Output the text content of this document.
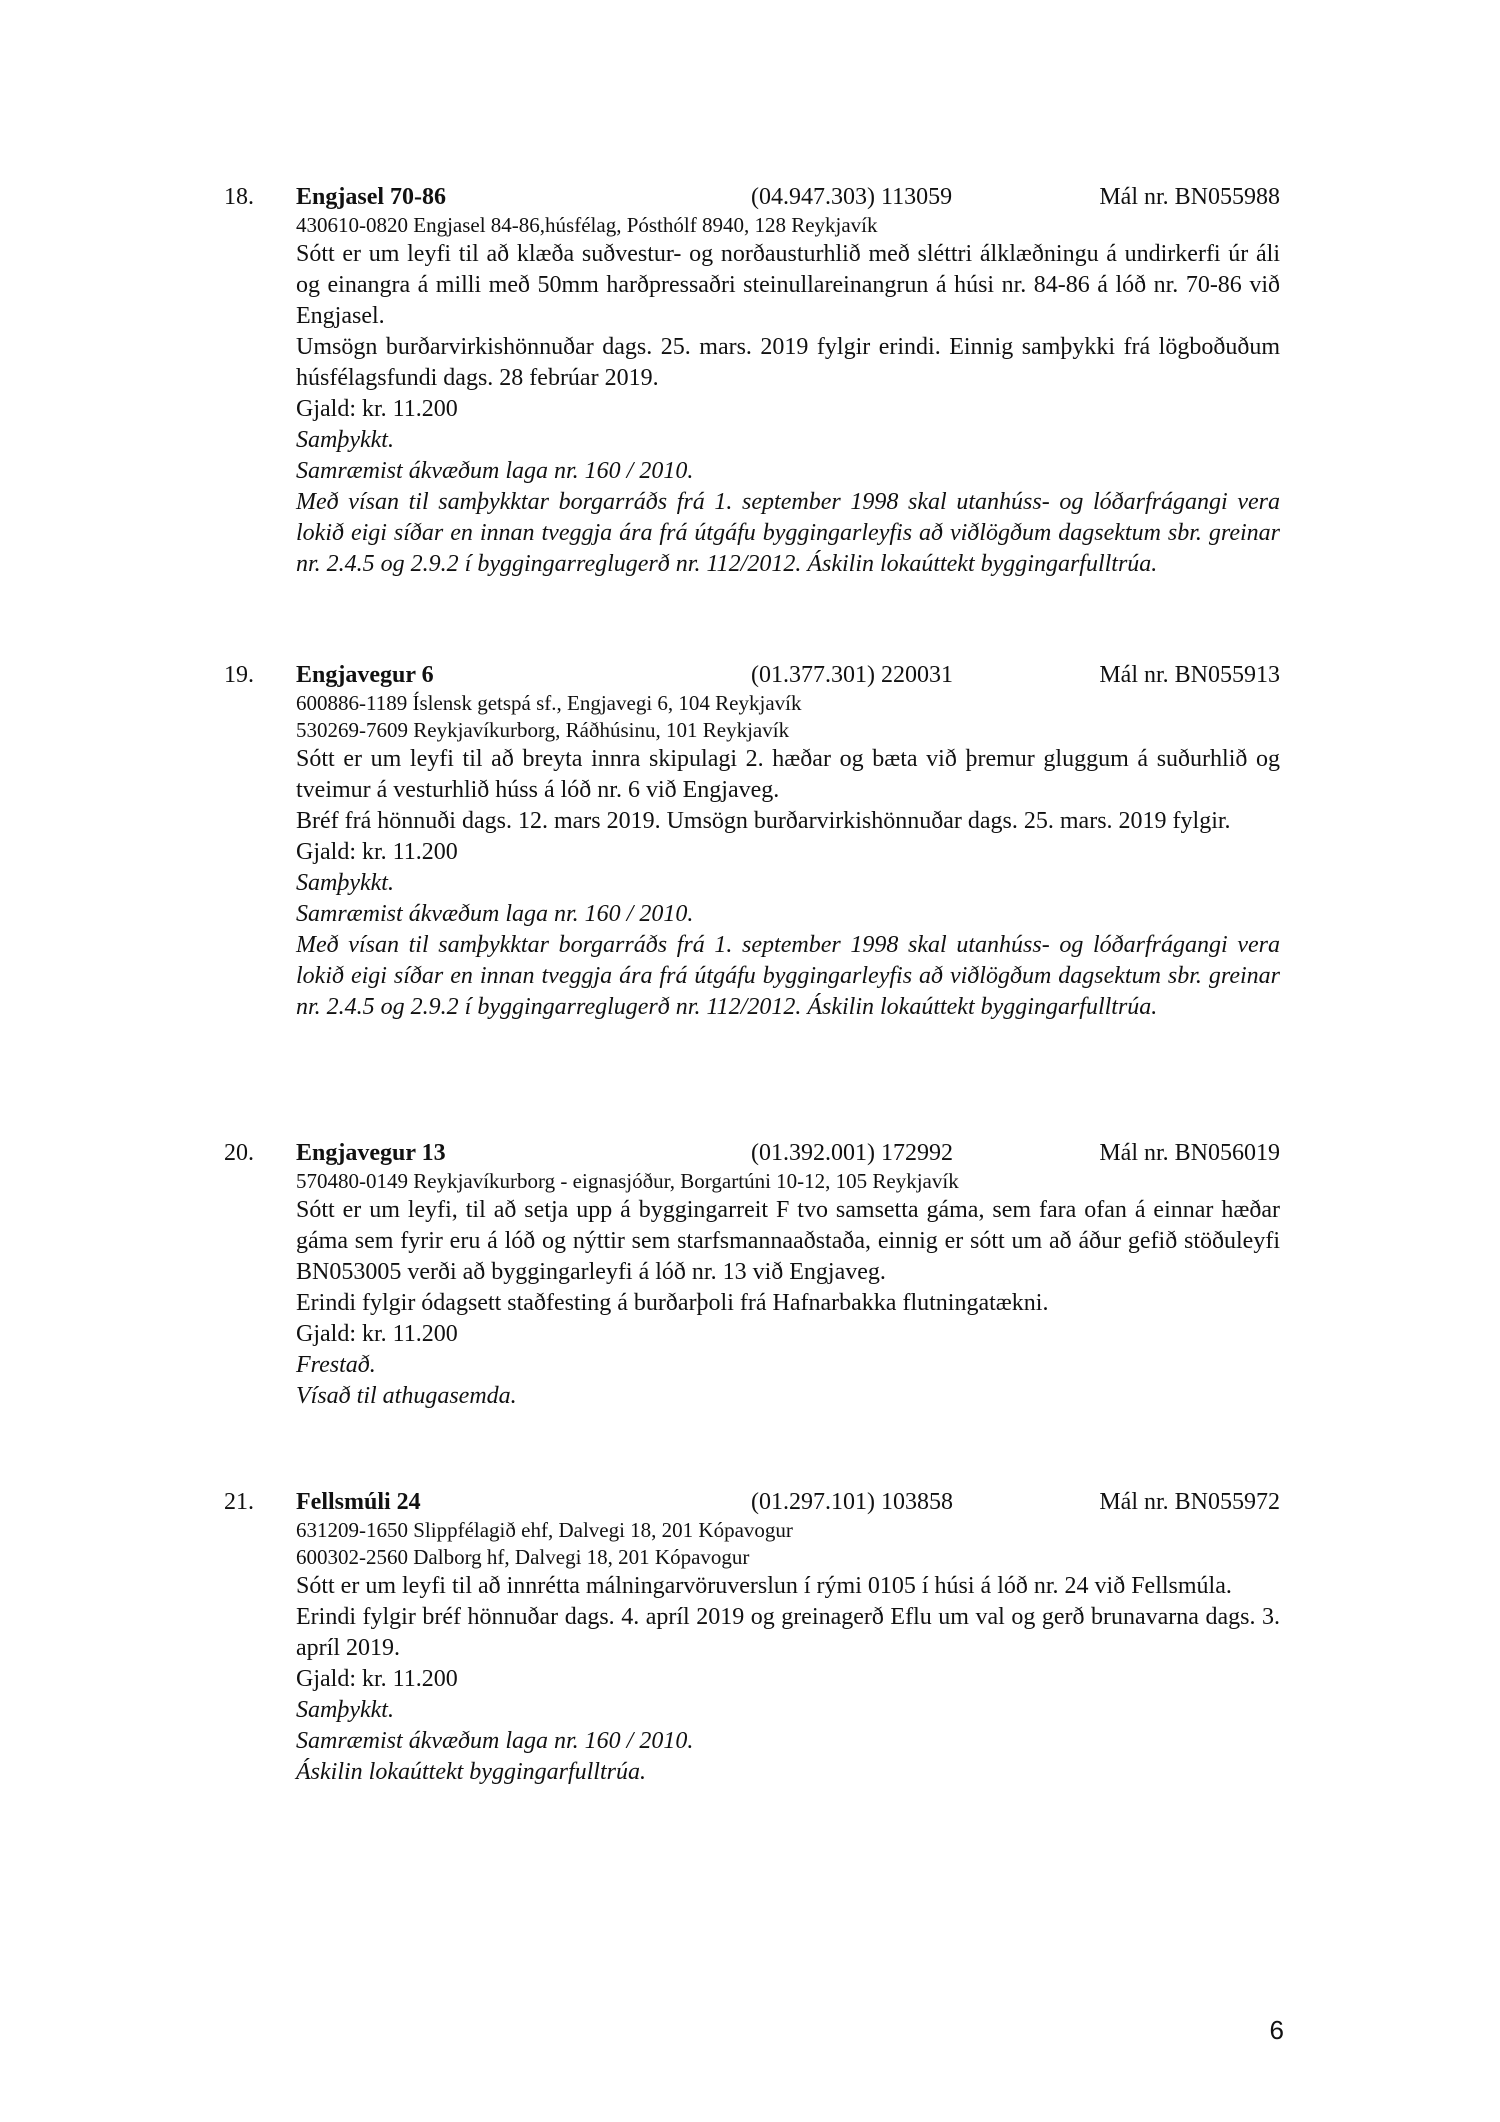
18. Engjasel 70-86	(04.947.303) 113059	Mál nr. BN055988
430610-0820 Engjasel 84-86,húsfélag, Pósthólf 8940, 128 Reykjavík
Sótt er um leyfi til að klæða suðvestur- og norðausturhlið með sléttri álklæðningu á undirkerfi úr áli og einangra á milli með 50mm harðpressaðri steinullareinangrun á húsi nr. 84-86 á lóð nr. 70-86 við Engjasel.
Umsögn burðarvirkishönnuðar dags. 25. mars. 2019 fylgir erindi. Einnig samþykki frá lögboðuðum húsfélagsfundi dags. 28 febrúar 2019.
Gjald: kr. 11.200
Samþykkt.
Samræmist ákvæðum laga nr. 160 / 2010.
Með vísan til samþykktar borgarráðs frá 1. september 1998 skal utanhúss- og lóðarfrágangi vera lokið eigi síðar en innan tveggja ára frá útgáfu byggingarleyfis að viðlögðum dagsektum sbr. greinar nr. 2.4.5 og 2.9.2 í byggingarreglugerð nr. 112/2012. Áskilin lokaúttekt byggingarfulltrúa.
19. Engjavegur 6	(01.377.301) 220031	Mál nr. BN055913
600886-1189 Íslensk getspá sf., Engjavegi 6, 104 Reykjavík
530269-7609 Reykjavíkurborg, Ráðhúsinu, 101 Reykjavík
Sótt er um leyfi til að breyta innra skipulagi 2. hæðar og bæta við þremur gluggum á suðurhlið og tveimur á vesturhlið húss á lóð nr. 6 við Engjaveg.
Bréf frá hönnuði dags. 12. mars 2019. Umsögn burðarvirkishönnuðar dags. 25. mars. 2019 fylgir.
Gjald: kr. 11.200
Samþykkt.
Samræmist ákvæðum laga nr. 160 / 2010.
Með vísan til samþykktar borgarráðs frá 1. september 1998 skal utanhúss- og lóðarfrágangi vera lokið eigi síðar en innan tveggja ára frá útgáfu byggingarleyfis að viðlögðum dagsektum sbr. greinar nr. 2.4.5 og 2.9.2 í byggingarreglugerð nr. 112/2012. Áskilin lokaúttekt byggingarfulltrúa.
20. Engjavegur 13	(01.392.001) 172992	Mál nr. BN056019
570480-0149 Reykjavíkurborg - eignasjóður, Borgartúni 10-12, 105 Reykjavík
Sótt er um leyfi, til að setja upp á byggingarreit F tvo samsetta gáma, sem fara ofan á einnar hæðar gáma sem fyrir eru á lóð og nýttir sem starfsmannaaðstaða, einnig er sótt um að áður gefið stöðuleyfi BN053005 verði að byggingarleyfi á lóð nr. 13 við Engjaveg.
Erindi fylgir ódagsett staðfesting á burðarþoli frá Hafnarbakka flutningatækni.
Gjald: kr. 11.200
Frestað.
Vísað til athugasemda.
21. Fellsmúli 24	(01.297.101) 103858	Mál nr. BN055972
631209-1650 Slippfélagið ehf, Dalvegi 18, 201 Kópavogur
600302-2560 Dalborg hf, Dalvegi 18, 201 Kópavogur
Sótt er um leyfi til að innrétta málningarvöruverslun í rými 0105 í húsi á lóð nr. 24 við Fellsmúla.
Erindi fylgir bréf hönnuðar dags. 4. apríl 2019 og greinagerð Eflu um val og gerð brunavarna dags. 3. apríl 2019.
Gjald: kr. 11.200
Samþykkt.
Samræmist ákvæðum laga nr. 160 / 2010.
Áskilin lokaúttekt byggingarfulltrúa.
6
